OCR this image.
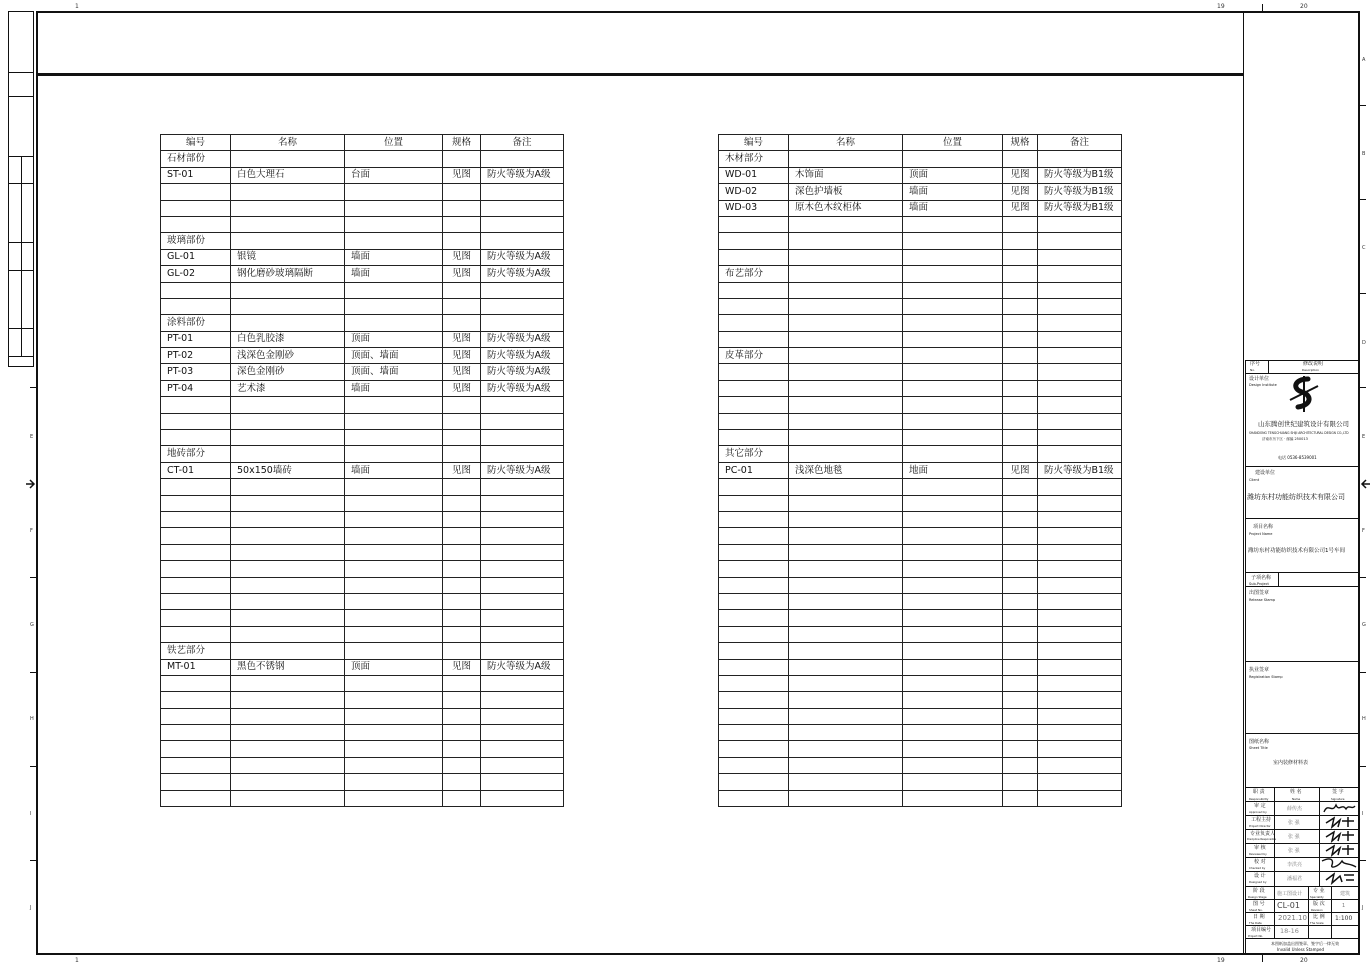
1	19	20
1	19	20
A
B
C
D
E
F
G
H
I
J
E
F
G
H
I
J
编号	名称	位置	规格	备注
石材部份				
ST-01	白色大理石	台面	见图	防火等级为A级

玻璃部份				
GL-01	银镜	墙面	见图	防火等级为A级
GL-02	钢化磨砂玻璃隔断	墙面	见图	防火等级为A级

涂料部份				
PT-01	白色乳胶漆	顶面	见图	防火等级为A级
PT-02	浅深色金刚砂	顶面、墙面	见图	防火等级为A级
PT-03	深色金刚砂	顶面、墙面	见图	防火等级为A级
PT-04	艺术漆	墙面	见图	防火等级为A级

地砖部分				
CT-01	50x150墙砖	墙面	见图	防火等级为A级

铁艺部分				
MT-01	黑色不锈钢	顶面	见图	防火等级为A级

编号	名称	位置	规格	备注
木材部分				
WD-01	木饰面	顶面	见图	防火等级为B1级
WD-02	深色护墙板	墙面	见图	防火等级为B1级
WD-03	原木色木纹柜体	墙面	见图	防火等级为B1级

布艺部分				

皮革部分				

其它部分				
PC-01	浅深色地毯	地面	见图	防火等级为B1级

序号
No.
修改说明
Description
设计单位
Design Institute
山东腾创世纪建筑设计有限公司
SHANDONG TENGCHUANG SHIJI ARCHITECTURAL DESIGN CO.,LTD
济南市历下区 · 邮编 250013
电话 0536-8539001
建设单位
Client
潍坊东村功能纺织技术有限公司
项目名称
Project Name
潍坊东村功能纺织技术有限公司1号车间
子项名称
Sub-Project
出图签章
Release Stamp
执业签章
Registration Stamp
图纸名称
Sheet Title
室内装修材料表
职 责
Responsibility
姓 名
Name
签 字
Signature
审 定
Approved by	薛传杰
工程主持
Project Director	张 强
专业负责人
Discipline Responsible 张 强
审 核
Reviewed by	张 强
校 对
Checked by	李洪亮
设 计
Designed by	潘福君
阶 段
Design Stage 施工图设计 专 业
Speciality	建筑
图 号
Sheet No. CL-01	版 次
Revision
1
日 期
The Date
2021.10 比 例
The Scale
1:100
项目编号
Project No.
18-16
本图纸加盖出图签章、签字后一律无效
Invalid Unless Stamped
